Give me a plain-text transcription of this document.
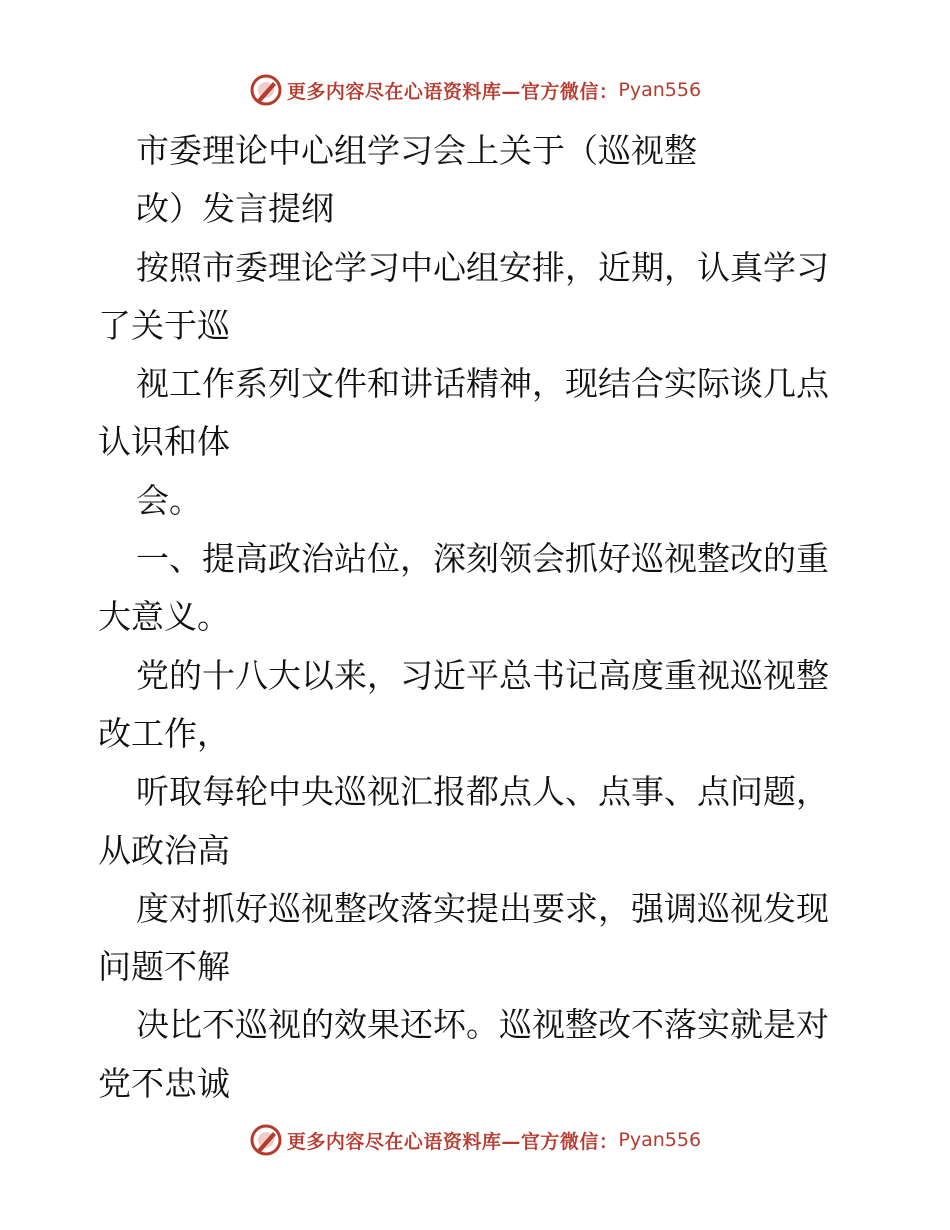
更多内容尽在心语资料库—官方微信： Pyan556
市委理论中心组学习会上关于（巡视整
改）发言提纲
按照市委理论学习中心组安排，近期，认真学习
了关于巡
视工作系列文件和讲话精神，现结合实际谈几点
认识和体
会。
一、提高政治站位，深刻领会抓好巡视整改的重
大意义。
党的十八大以来，习近平总书记高度重视巡视整
改工作，
听取每轮中央巡视汇报都点人、点事、点问题，
从政治高
度对抓好巡视整改落实提出要求，强调巡视发现
问题不解
决比不巡视的效果还坏。巡视整改不落实就是对
党不忠诚
更多内容尽在心语资料库—官方微信： Pyan556
